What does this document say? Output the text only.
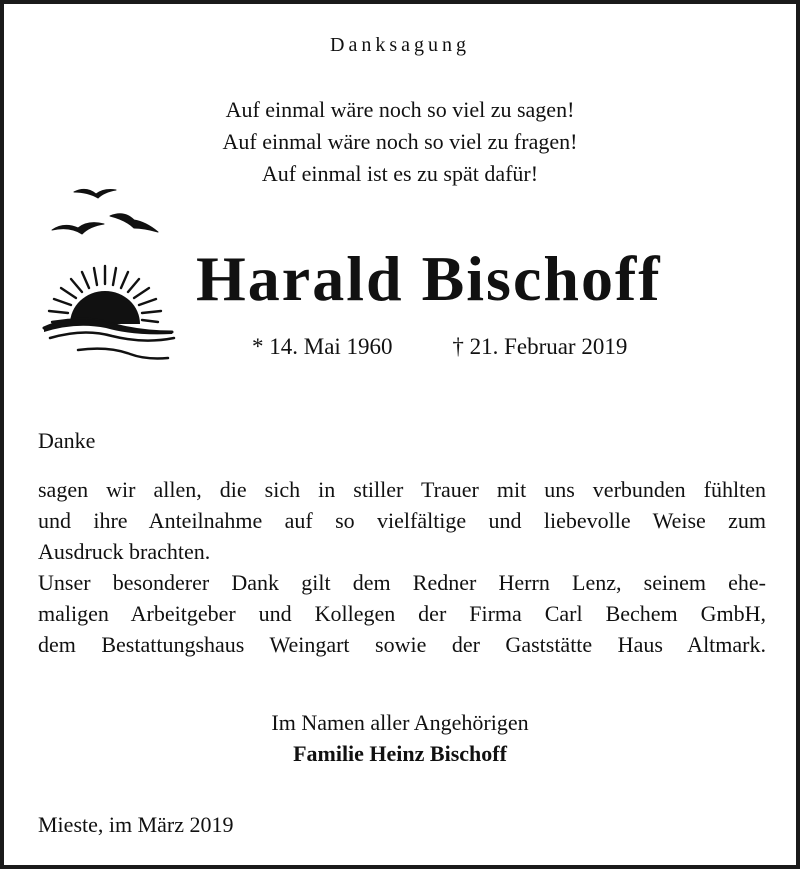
Danksagung
Auf einmal wäre noch so viel zu sagen!
Auf einmal wäre noch so viel zu fragen!
Auf einmal ist es zu spät dafür!
Harald Bischoff
* 14. Mai 1960	† 21. Februar 2019
Danke
sagen wir allen, die sich in stiller Trauer mit uns verbunden fühlten
und ihre Anteilnahme auf so vielfältige und liebevolle Weise zum
Ausdruck brachten.
Unser besonderer Dank gilt dem Redner Herrn Lenz, seinem ehe-
maligen Arbeitgeber und Kollegen der Firma Carl Bechem GmbH,
dem Bestattungshaus Weingart sowie der Gaststätte Haus Altmark.
Im Namen aller Angehörigen
Familie Heinz Bischoff
Mieste, im März 2019
